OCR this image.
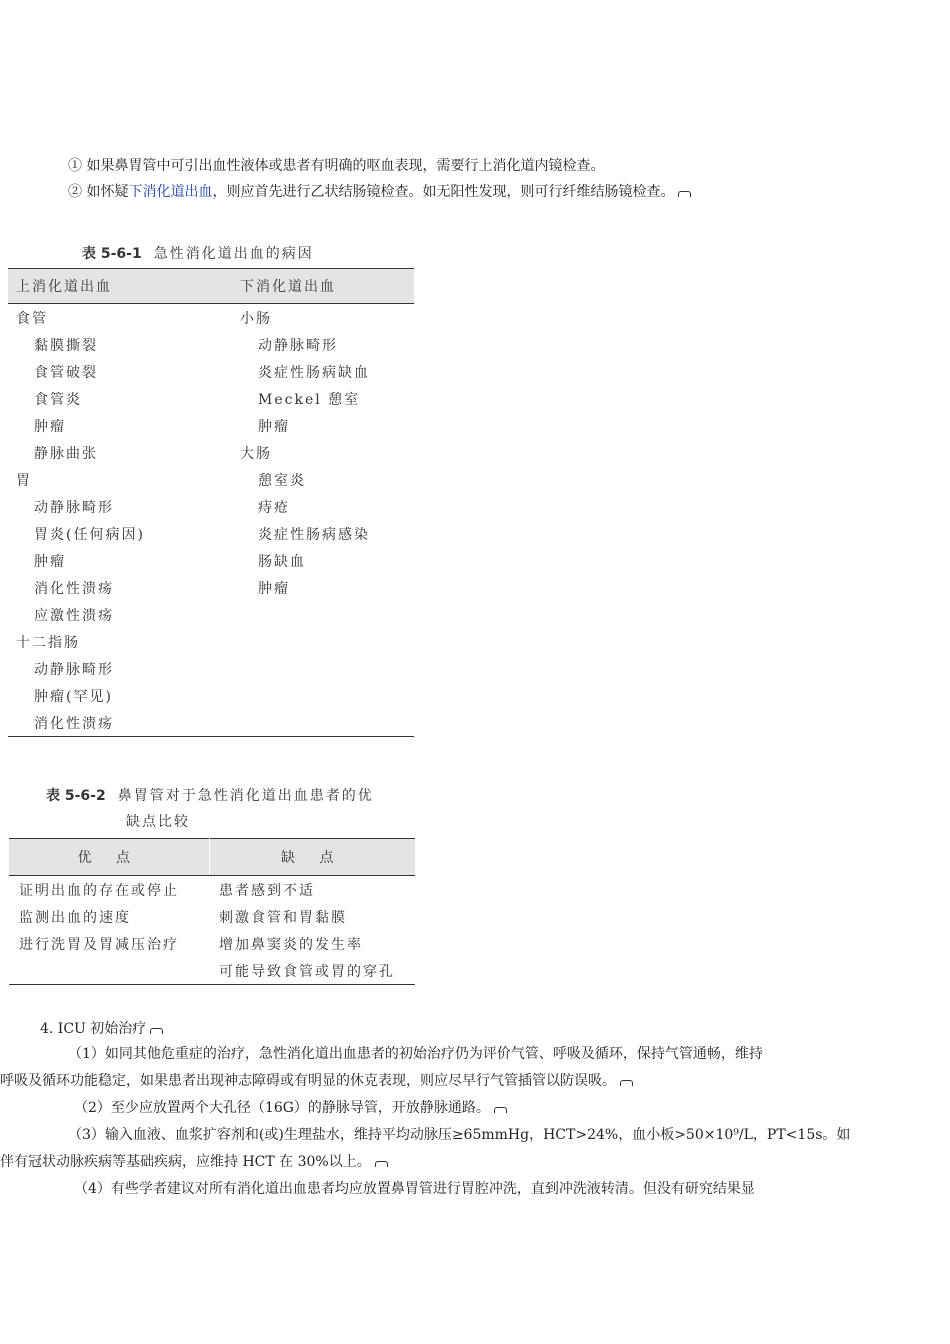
① 如果鼻胃管中可引出血性液体或患者有明确的呕血表现，需要行上消化道内镜检查。
② 如怀疑下消化道出血，则应首先进行乙状结肠镜检查。如无阳性发现，则可行纤维结肠镜检查。
表 5-6-1 急性消化道出血的病因
上消化道出血	下消化道出血
食管	小肠
黏膜撕裂	动静脉畸形
食管破裂	炎症性肠病缺血
食管炎	Meckel 憩室
肿瘤	肿瘤
静脉曲张	大肠
胃	憩室炎
动静脉畸形	痔疮
胃炎(任何病因)	炎症性肠病感染
肿瘤	肠缺血
消化性溃疡	肿瘤
应激性溃疡	
十二指肠	
动静脉畸形	
肿瘤(罕见)	
消化性溃疡	
表 5-6-2 鼻胃管对于急性消化道出血患者的优
缺点比较
优 点	缺 点
证明出血的存在或停止	患者感到不适
监测出血的速度	刺激食管和胃黏膜
进行洗胃及胃减压治疗	增加鼻窦炎的发生率
	可能导致食管或胃的穿孔
4. ICU 初始治疗
（1）如同其他危重症的治疗，急性消化道出血患者的初始治疗仍为评价气管、呼吸及循环，保持气管通畅，维持
呼吸及循环功能稳定，如果患者出现神志障碍或有明显的休克表现，则应尽早行气管插管以防误吸。
（2）至少应放置两个大孔径（16G）的静脉导管，开放静脉通路。
（3）输入血液、血浆扩容剂和(或)生理盐水，维持平均动脉压≥65mmHg，HCT>24%，血小板>50×10⁹/L，PT<15s。如
伴有冠状动脉疾病等基础疾病，应维持 HCT 在 30%以上。
（4）有些学者建议对所有消化道出血患者均应放置鼻胃管进行胃腔冲洗，直到冲洗液转清。但没有研究结果显
